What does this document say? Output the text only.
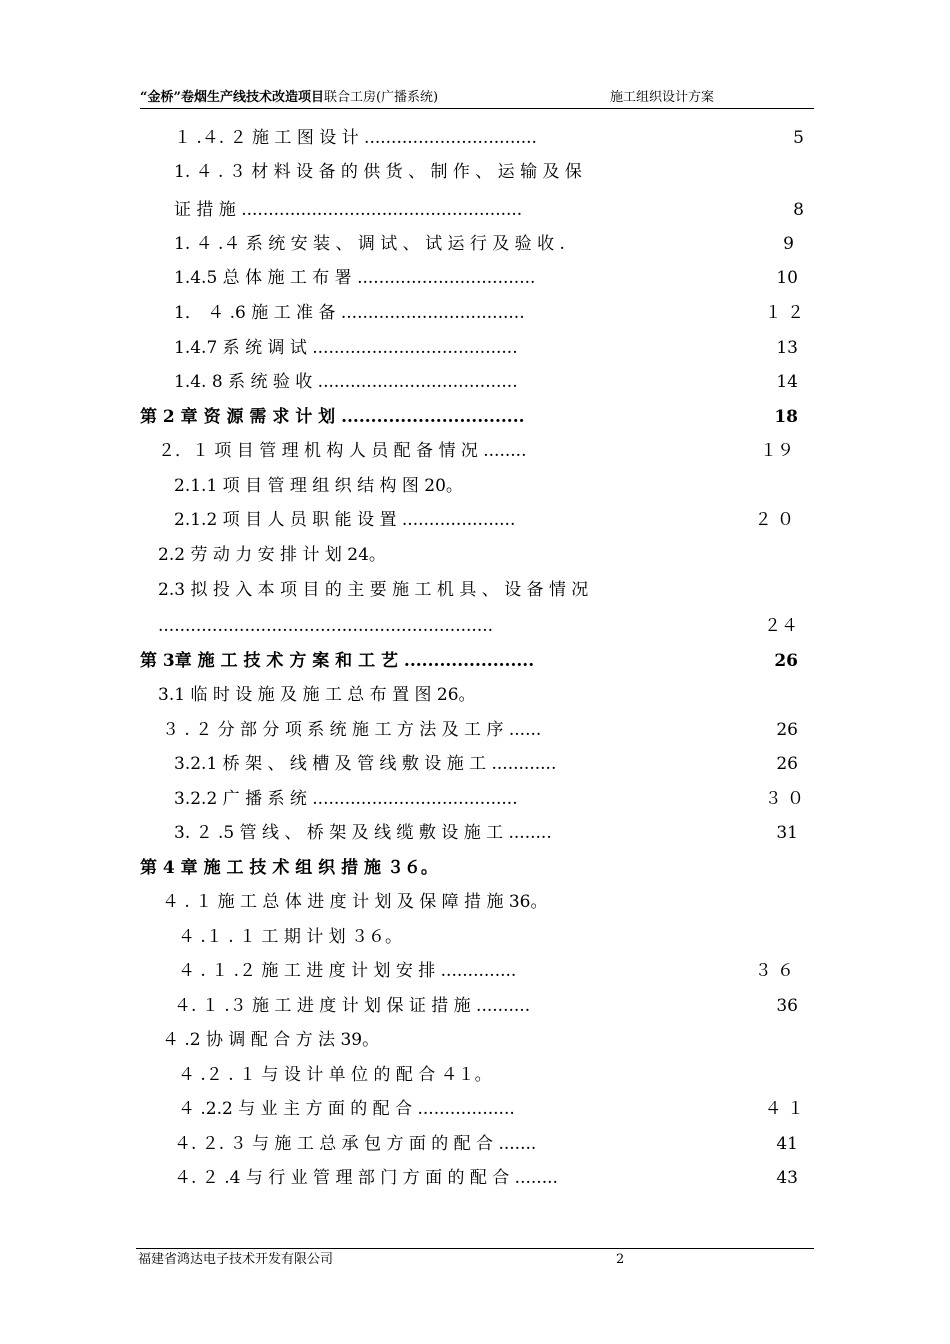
“金桥”卷烟生产线技术改造项目联合工房(广播系统)	施工组织设计方案
１ .４. ２ 施 工 图 设 计 ................................	5
1. ４ . ３ 材 料 设 备 的 供 货 、 制 作 、 运 输 及 保
证 措 施 ....................................................	8
1. ４ .４ 系 统 安 装 、 调 试 、 试 运 行 及 验 收 .	9
1.4.5 总 体 施 工 布 署 .................................	10
1． ４ .6 施 工 准 备 ..................................	１ ２
1.4.7 系 统 调 试 ......................................	13
1.4. 8 系 统 验 收 .....................................	14
第 2 章 资 源 需 求 计 划 ...............................	18
２．１ 项 目 管 理 机 构 人 员 配 备 情 况 ........	１９
2.1.1 项 目 管 理 组 织 结 构 图 20。
2.1.2 项 目 人 员 职 能 设 置 .....................	２ ０
2.2 劳 动 力 安 排 计 划 24。
2.3 拟 投 入 本 项 目 的 主 要 施 工 机 具 、 设 备 情 况
..............................................................	２４
第 3章 施 工 技 术 方 案 和 工 艺 ......................	26
3.1 临 时 设 施 及 施 工 总 布 置 图 26。
３ . ２ 分 部 分 项 系 统 施 工 方 法 及 工 序 ......	26
3.2.1 桥 架 、 线 槽 及 管 线 敷 设 施 工 ............	26
3.2.2 广 播 系 统 ......................................	３ ０
3. ２ .5 管 线 、 桥 架 及 线 缆 敷 设 施 工 ........	31
第 4 章 施 工 技 术 组 织 措 施 ３６。
４ . １ 施 工 总 体 进 度 计 划 及 保 障 措 施 36。
４ .１ . １ 工 期 计 划 ３６。
４ . １ .２ 施 工 进 度 计 划 安 排 ..............	３ ６
４. １ .３ 施 工 进 度 计 划 保 证 措 施 ..........	36
４ .2 协 调 配 合 方 法 39。
４ .２ . １ 与 设 计 单 位 的 配 合 ４１。
４ .2.2 与 业 主 方 面 的 配 合 ..................	４ １
４. ２. ３ 与 施 工 总 承 包 方 面 的 配 合 .......	41
４. ２ .4 与 行 业 管 理 部 门 方 面 的 配 合 ........	43
福建省鸿达电子技术开发有限公司	2
